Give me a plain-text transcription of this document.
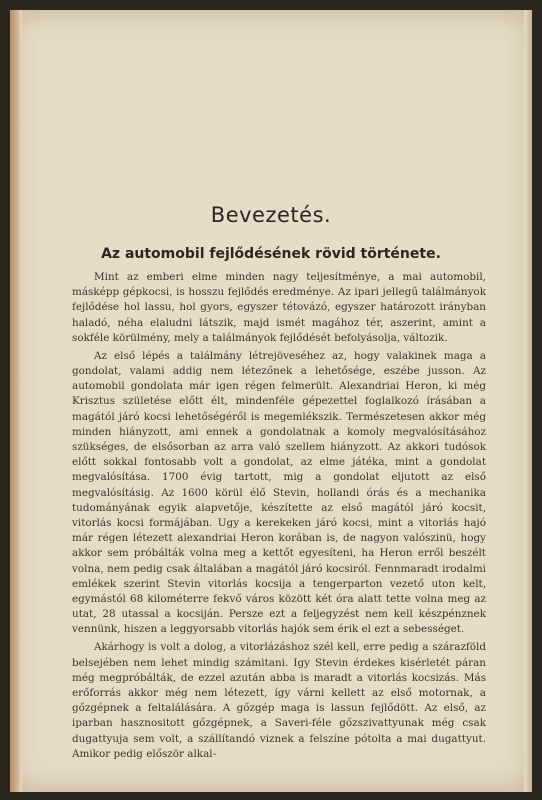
Bevezetés.
Az automobil fejlődésének rövid története.

Mint az emberi elme minden nagy teljesítménye, a mai automobil, másképp gépkocsi, is hosszu fejlődés eredménye. Az ipari jellegű találmányok fejlődése hol lassu, hol gyors, egyszer tétovázó, egyszer határozott irányban haladó, néha elaludni látszik, majd ismét magához tér, aszerint, amint a sokféle körülmény, mely a találmányok fejlődését befolyásolja, változik.

Az első lépés a találmány létrejöveséhez az, hogy valakinek maga a gondolat, valami addig nem létezőnek a lehetősége, eszébe jusson. Az automobil gondolata már igen régen felmerült. Alexandriai Heron, ki még Krisztus születése előtt élt, mindenféle gépezettel foglalkozó írásában a magától járó kocsi lehetőségéről is megemlékszik. Természetesen akkor még minden hiányzott, ami ennek a gondolatnak a komoly megvalósításához szükséges, de elsősorban az arra való szellem hiányzott. Az akkori tudósok előtt sokkal fontosabb volt a gondolat, az elme játéka, mint a gondolat megvalósítása. 1700 évig tartott, mig a gondolat eljutott az első megvalósításig. Az 1600 körül élő Stevin, hollandi órás és a mechanika tudományának egyik alapvetője, készítette az első magától járó kocsit, vitorlás kocsi formájában. Ugy a kerekeken járó kocsi, mint a vitorlás hajó már régen létezett alexandriai Heron korában is, de nagyon valószinü, hogy akkor sem próbálták volna meg a kettőt egyesíteni, ha Heron erről beszélt volna, nem pedig csak általában a magától járó kocsiról. Fennmaradt irodalmi emlékek szerint Stevin vitorlás kocsija a tengerparton vezető uton kelt, egymástól 68 kilométerre fekvő város között két óra alatt tette volna meg az utat, 28 utassal a kocsiján. Persze ezt a feljegyzést nem kell készpénznek vennünk, hiszen a leggyorsabb vitorlás hajók sem érik el ezt a sebességet.

Akárhogy is volt a dolog, a vitorlázáshoz szél kell, erre pedig a szárazföld belsejében nem lehet mindig számitani. Igy Stevin érdekes kisérletét páran még megpróbálták, de ezzel azután abba is maradt a vitorlás kocsizás. Más erőforrás akkor még nem létezett, így várni kellett az első motornak, a gőzgépnek a feltalálására. A gőzgép maga is lassun fejlődött. Az első, az iparban hasznositott gőzgépnek, a Saveri-féle gőzszivattyunak még csak dugattyuja sem volt, a szállítandó viznek a felszíne pótolta a mai dugattyut. Amikor pedig először alkal-
